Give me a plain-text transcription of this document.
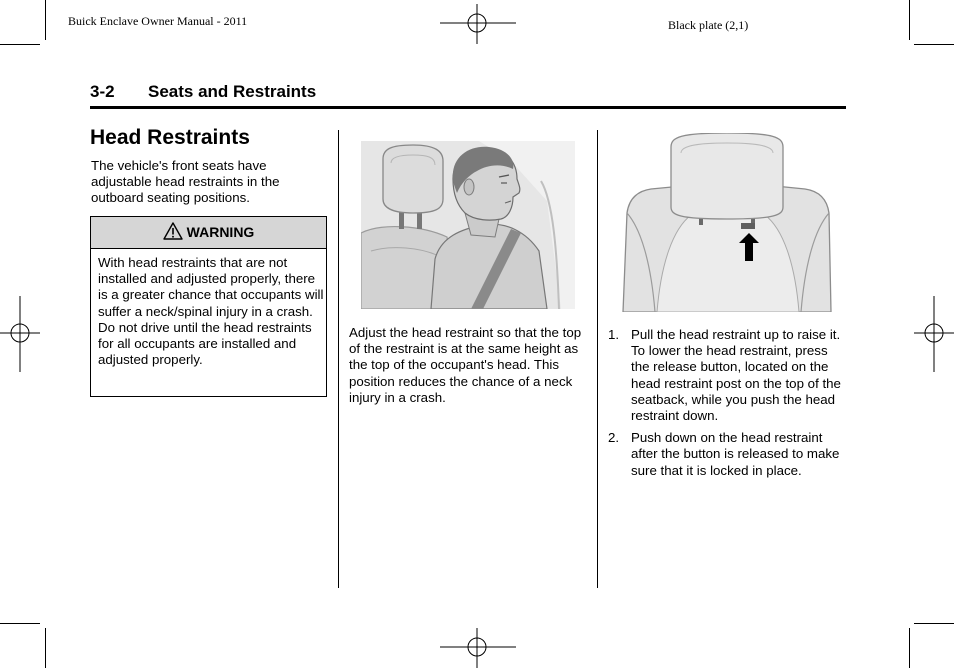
Buick Enclave Owner Manual - 2011	Black plate (2,1)
3-2 Seats and Restraints
Head Restraints
The vehicle's front seats have adjustable head restraints in the outboard seating positions.
WARNING
With head restraints that are not installed and adjusted properly, there is a greater chance that occupants will suffer a neck/spinal injury in a crash. Do not drive until the head restraints for all occupants are installed and adjusted properly.
Adjust the head restraint so that the top of the restraint is at the same height as the top of the occupant's head. This position reduces the chance of a neck injury in a crash.
1. Pull the head restraint up to raise it. To lower the head restraint, press the release button, located on the head restraint post on the top of the seatback, while you push the head restraint down.
2. Push down on the head restraint after the button is released to make sure that it is locked in place.
